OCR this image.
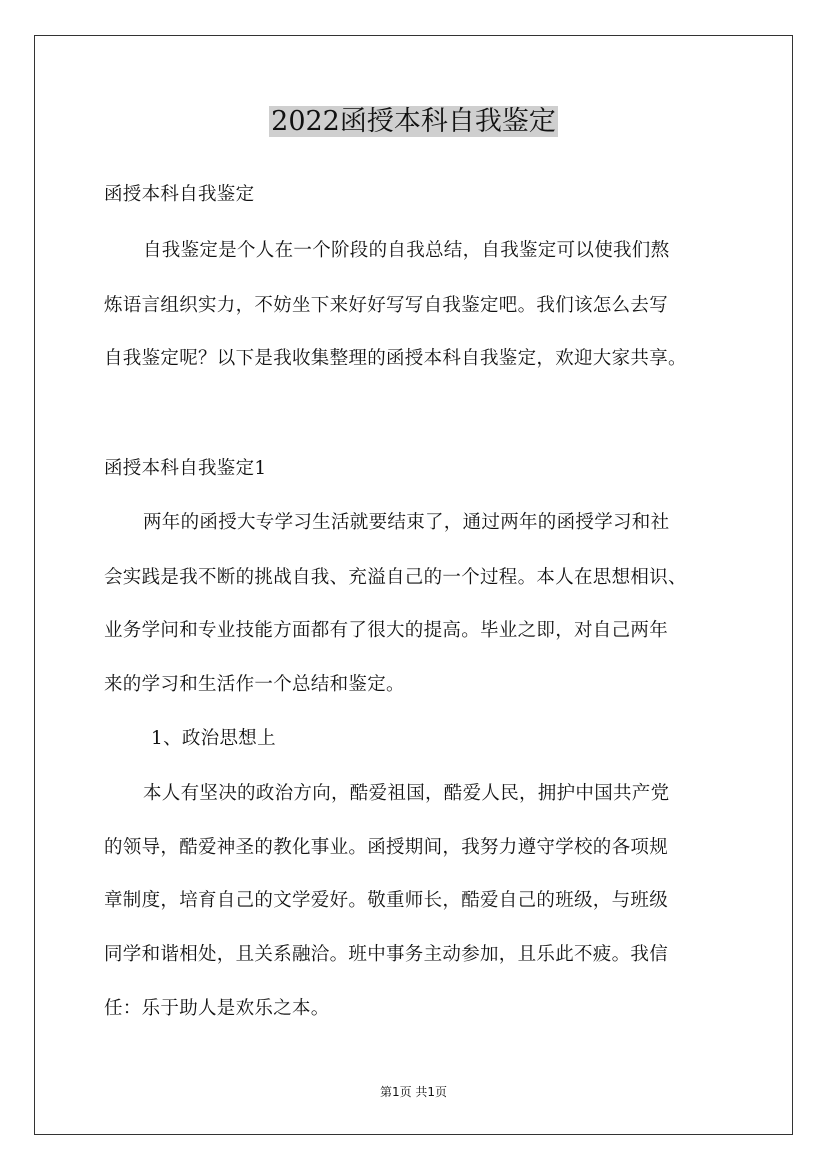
2022函授本科自我鉴定
函授本科自我鉴定
自我鉴定是个人在一个阶段的自我总结，自我鉴定可以使我们熬
炼语言组织实力，不妨坐下来好好写写自我鉴定吧。我们该怎么去写
自我鉴定呢？以下是我收集整理的函授本科自我鉴定，欢迎大家共享。
函授本科自我鉴定1
两年的函授大专学习生活就要结束了，通过两年的函授学习和社
会实践是我不断的挑战自我、充溢自己的一个过程。本人在思想相识、
业务学问和专业技能方面都有了很大的提高。毕业之即，对自己两年
来的学习和生活作一个总结和鉴定。
1、政治思想上
本人有坚决的政治方向，酷爱祖国，酷爱人民，拥护中国共产党
的领导，酷爱神圣的教化事业。函授期间，我努力遵守学校的各项规
章制度，培育自己的文学爱好。敬重师长，酷爱自己的班级，与班级
同学和谐相处，且关系融洽。班中事务主动参加，且乐此不疲。我信
任：乐于助人是欢乐之本。
第1页 共1页
